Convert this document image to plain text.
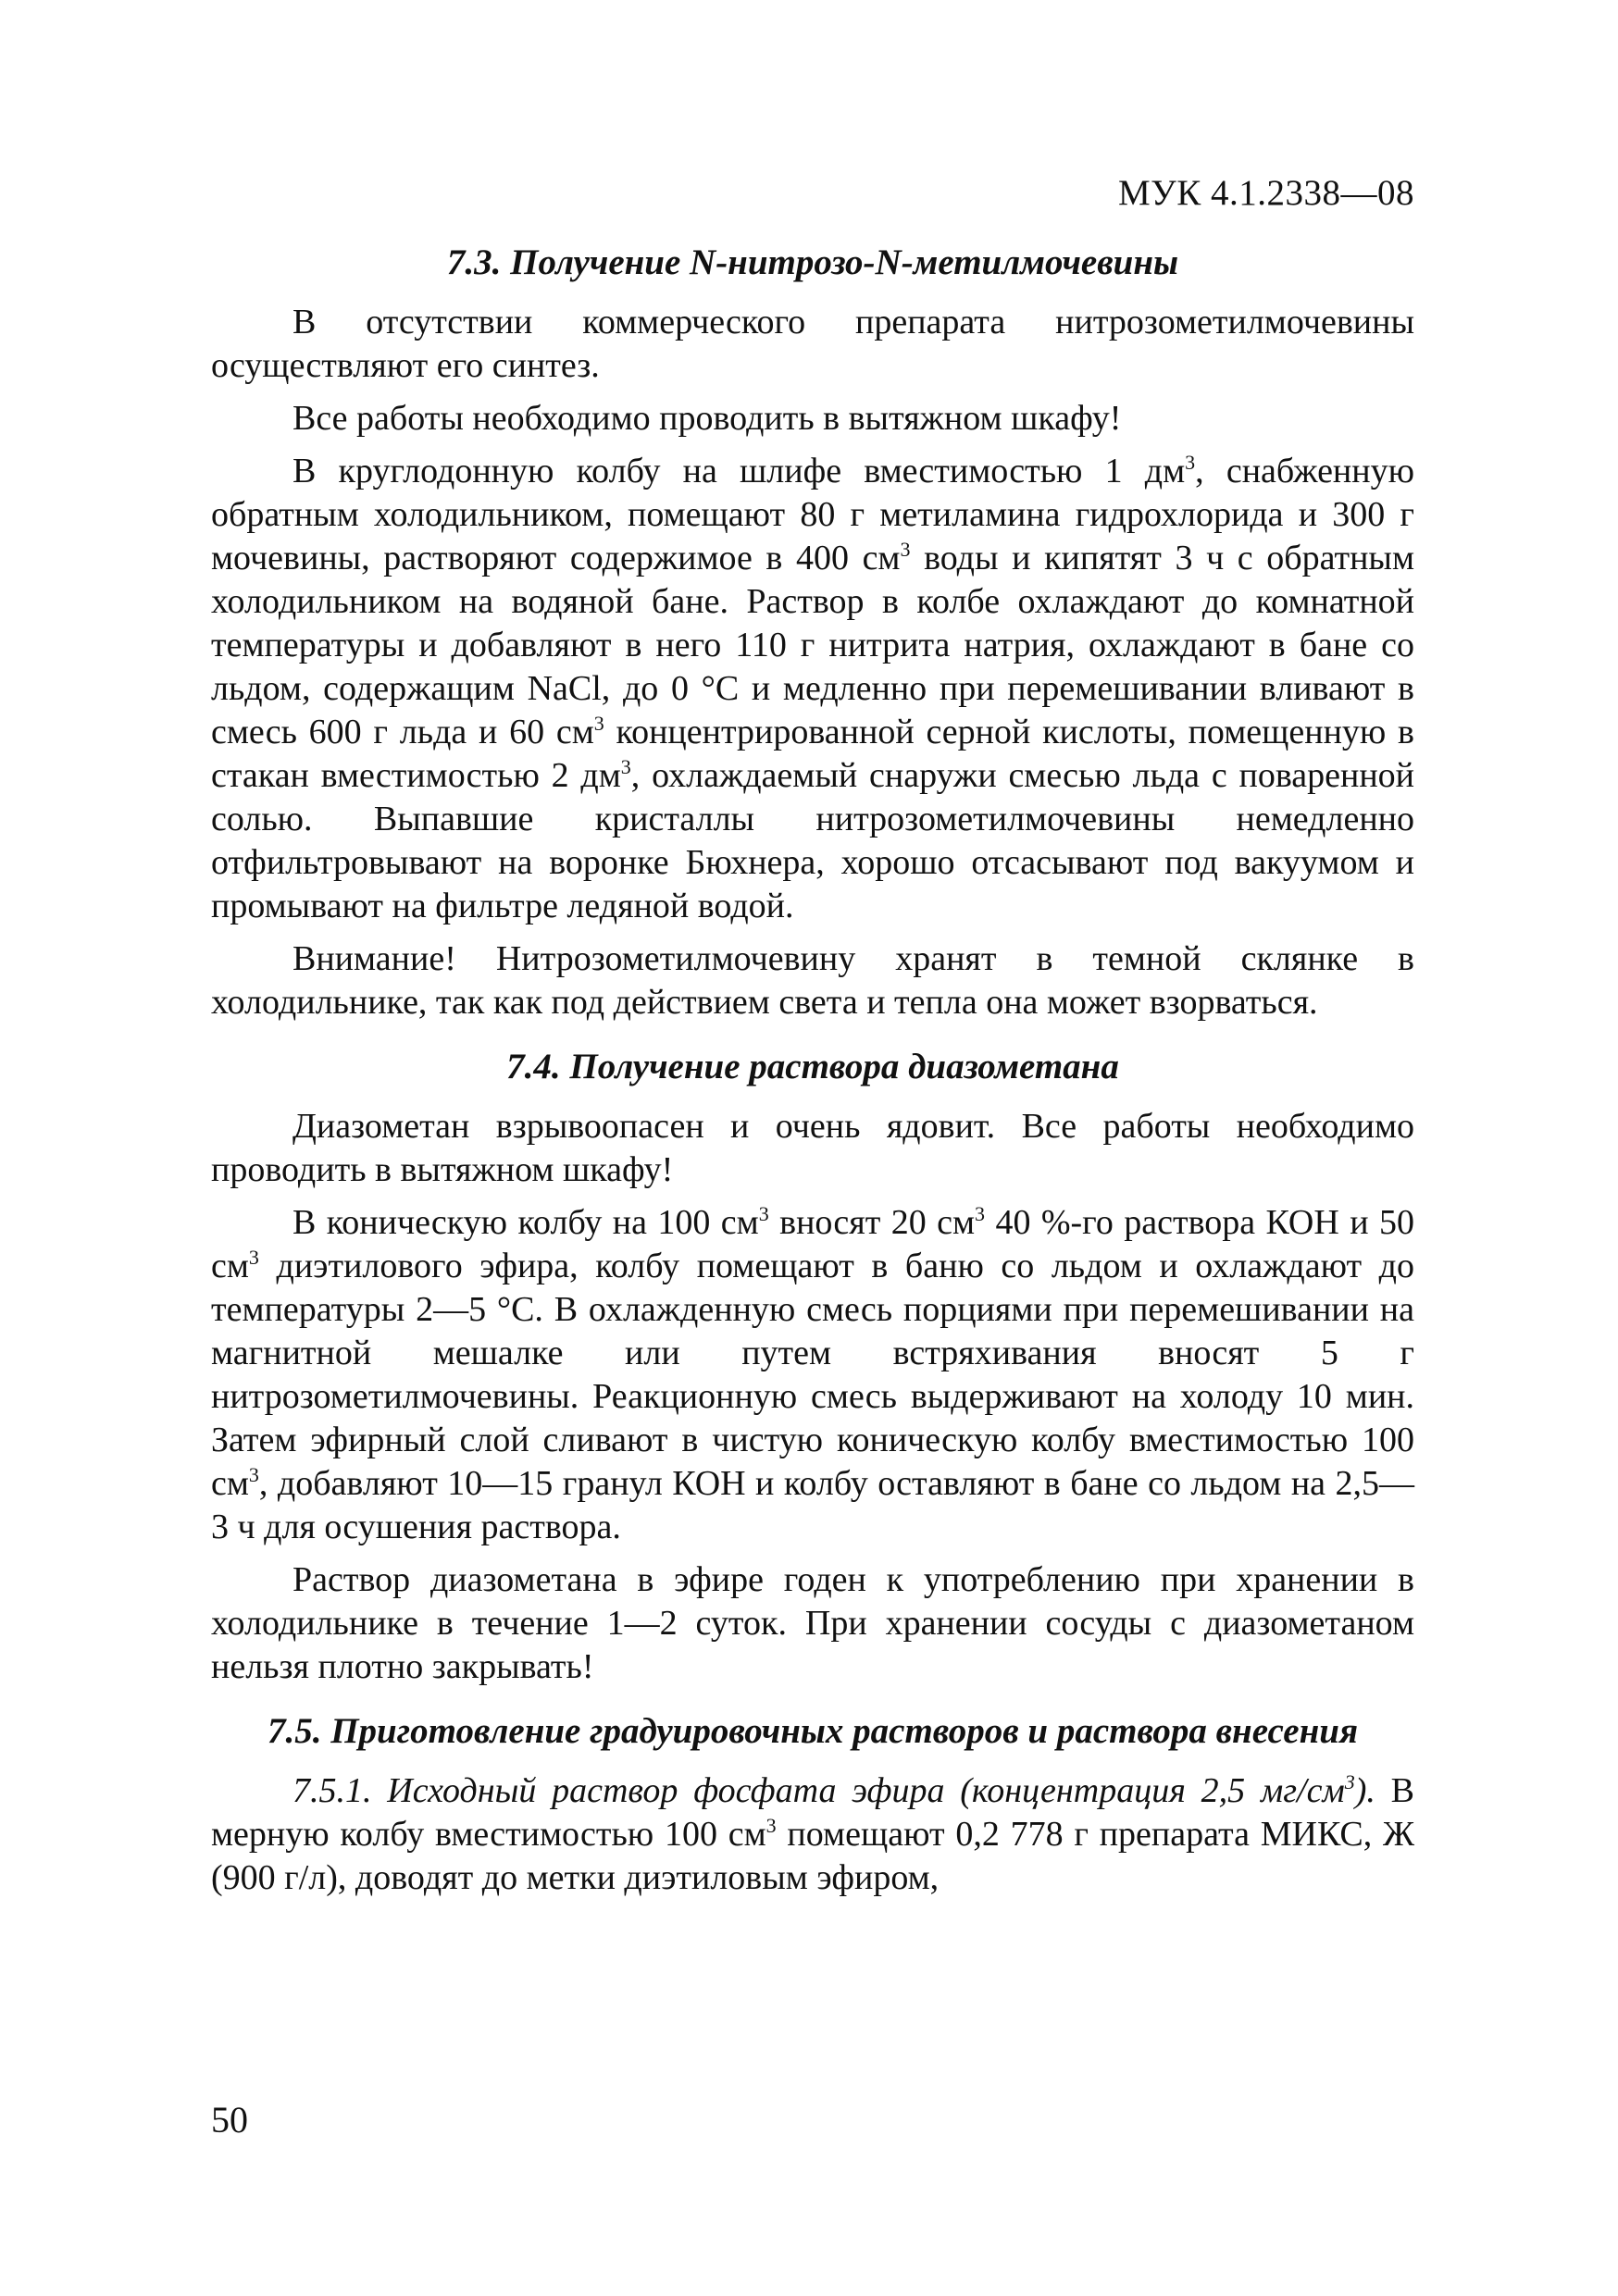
МУК 4.1.2338—08
7.3. Получение N-нитрозо-N-метилмочевины

В отсутствии коммерческого препарата нитрозометилмочевины осуществляют его синтез.

Все работы необходимо проводить в вытяжном шкафу!

В круглодонную колбу на шлифе вместимостью 1 $дм^3$, снабженную обратным холодильником, помещают 80 г метиламина гидрохлорида и 300 г мочевины, растворяют содержимое в 400 $см^3$ воды и кипятят 3 ч с обратным холодильником на водяной бане. Раствор в колбе охлаждают до комнатной температуры и добавляют в него 110 г нитрита натрия, охлаждают в бане со льдом, содержащим NaCl, до 0 °С и медленно при перемешивании вливают в смесь 600 г льда и 60 $см^3$ концентрированной серной кислоты, помещенную в стакан вместимостью 2 $дм^3$, охлаждаемый снаружи смесью льда с поваренной солью. Выпавшие кристаллы нитрозометилмочевины немедленно отфильтровывают на воронке Бюхнера, хорошо отсасывают под вакуумом и промывают на фильтре ледяной водой.

Внимание! Нитрозометилмочевину хранят в темной склянке в холодильнике, так как под действием света и тепла она может взорваться.

7.4. Получение раствора диазометана

Диазометан взрывоопасен и очень ядовит. Все работы необходимо проводить в вытяжном шкафу!

В коническую колбу на 100 $см^3$ вносят 20 $см^3$ 40 %-го раствора КОН и 50 $см^3$ диэтилового эфира, колбу помещают в баню со льдом и охлаждают до температуры 2—5 °С. В охлажденную смесь порциями при перемешивании на магнитной мешалке или путем встряхивания вносят 5 г нитрозометилмочевины. Реакционную смесь выдерживают на холоду 10 мин. Затем эфирный слой сливают в чистую коническую колбу вместимостью 100 $см^3$, добавляют 10—15 гранул КОН и колбу оставляют в бане со льдом на 2,5—3 ч для осушения раствора.

Раствор диазометана в эфире годен к употреблению при хранении в холодильнике в течение 1—2 суток. При хранении сосуды с диазометаном нельзя плотно закрывать!

7.5. Приготовление градуировочных растворов и раствора внесения

7.5.1. Исходный раствор фосфата эфира (концентрация 2,5 $мг/см^3$). В мерную колбу вместимостью 100 $см^3$ помещают 0,2 778 г препарата МИКС, Ж (900 г/л), доводят до метки диэтиловым эфиром,

50
